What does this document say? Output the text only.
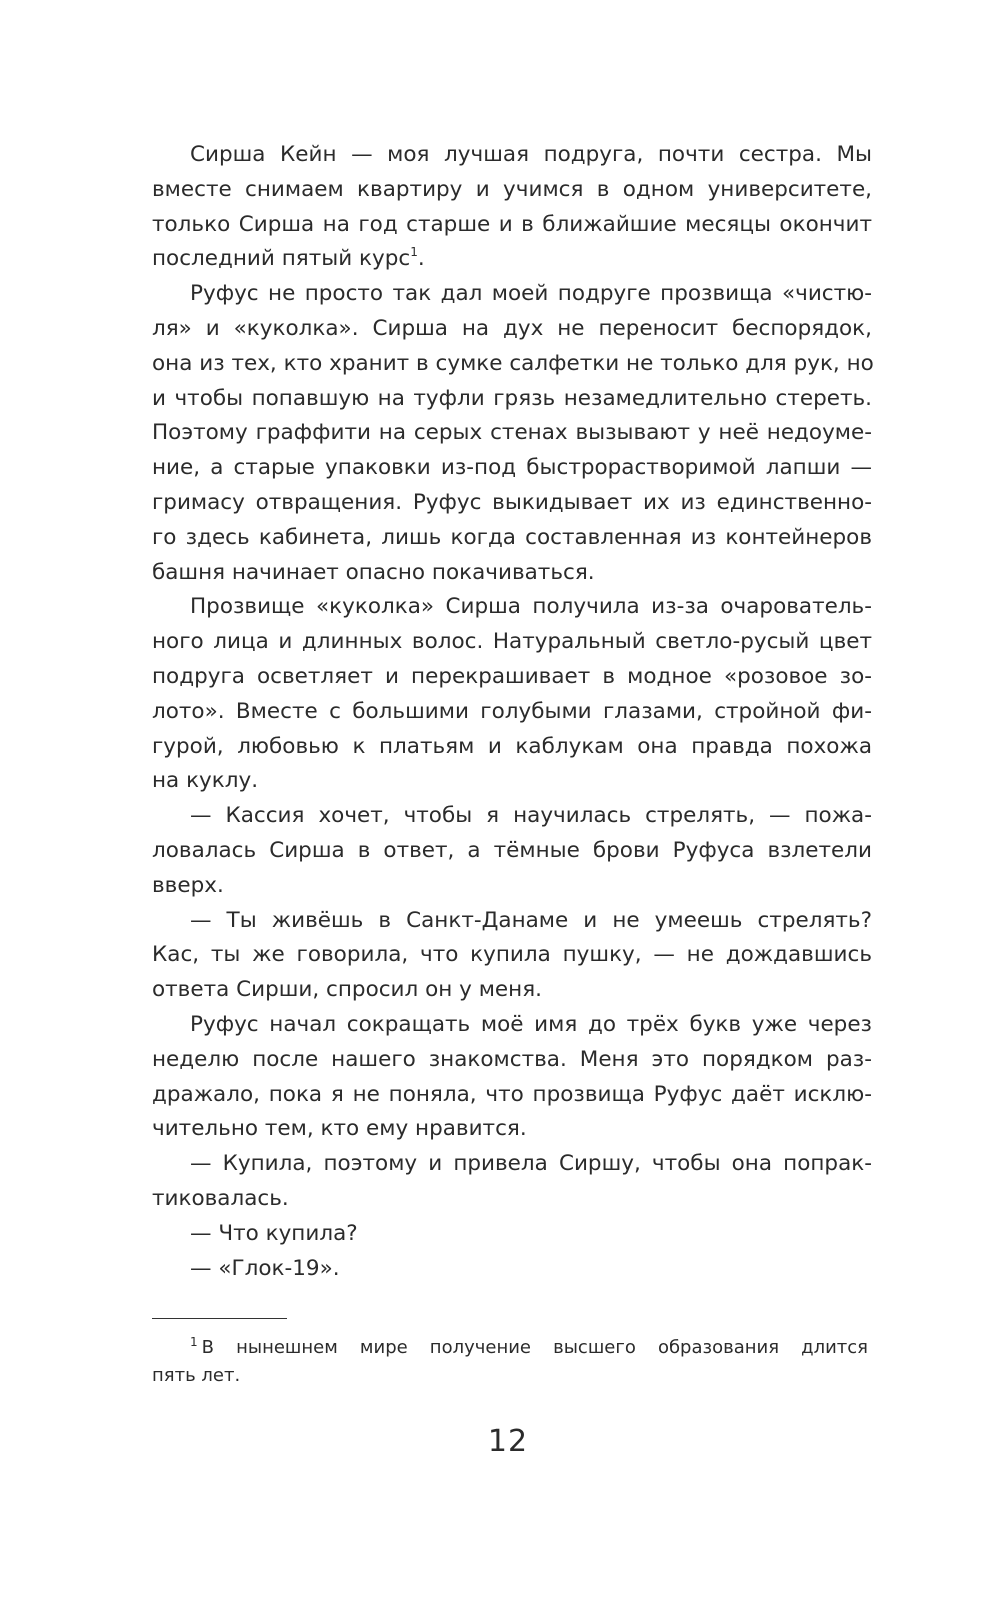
Сирша Кейн — моя лучшая подруга, почти сестра. Мы
вместе снимаем квартиру и учимся в одном университете,
только Сирша на год старше и в ближайшие месяцы окончит
последний пятый курс$^1$.
Руфус не просто так дал моей подруге прозвища «чистю-
ля» и «куколка». Сирша на дух не переносит беспорядок,
она из тех, кто хранит в сумке салфетки не только для рук, но
и чтобы попавшую на туфли грязь незамедлительно стереть.
Поэтому граффити на серых стенах вызывают у неё недоуме-
ние, а старые упаковки из-под быстрорастворимой лапши —
гримасу отвращения. Руфус выкидывает их из единственно-
го здесь кабинета, лишь когда составленная из контейнеров
башня начинает опасно покачиваться.
Прозвище «куколка» Сирша получила из-за очарователь-
ного лица и длинных волос. Натуральный светло-русый цвет
подруга осветляет и перекрашивает в модное «розовое зо-
лото». Вместе с большими голубыми глазами, стройной фи-
гурой, любовью к платьям и каблукам она правда похожа
на куклу.
— Кассия хочет, чтобы я научилась стрелять, — пожа-
ловалась Сирша в ответ, а тёмные брови Руфуса взлетели
вверх.
— Ты живёшь в Санкт-Данаме и не умеешь стрелять?
Кас, ты же говорила, что купила пушку, — не дождавшись
ответа Сирши, спросил он у меня.
Руфус начал сокращать моё имя до трёх букв уже через
неделю после нашего знакомства. Меня это порядком раз-
дражало, пока я не поняла, что прозвища Руфус даёт исклю-
чительно тем, кто ему нравится.
— Купила, поэтому и привела Сиршу, чтобы она попрак-
тиковалась.
— Что купила?
— «Глок-19».
$^1$ В нынешнем мире получение высшего образования длится
пять лет.
12
